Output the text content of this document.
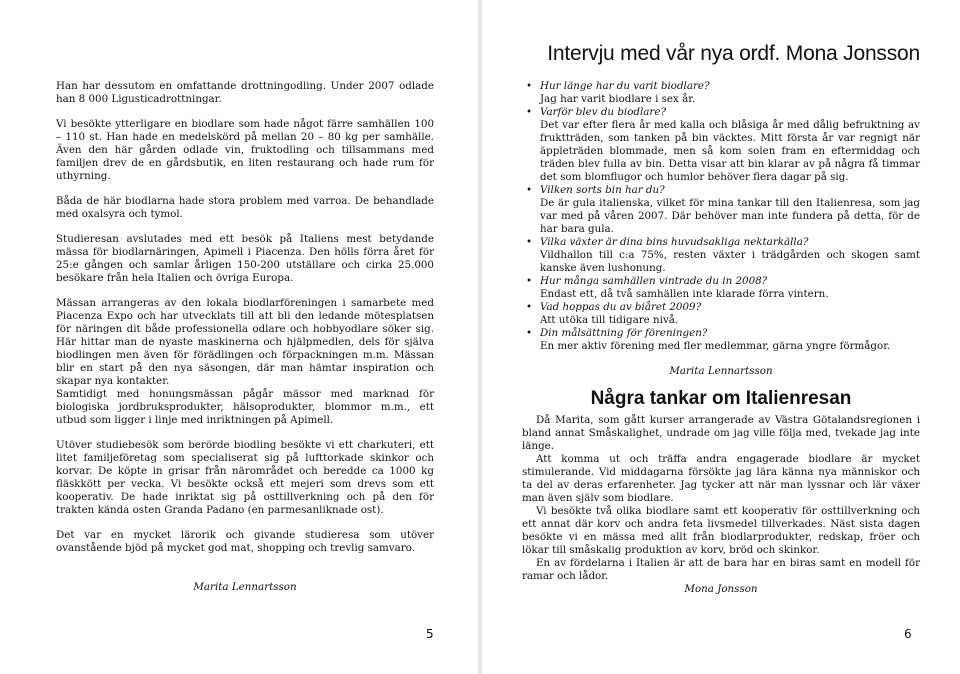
Han har dessutom en omfattande drottningodling. Under 2007 odlade han 8 000 Ligusticadrottningar.

Vi besökte ytterligare en biodlare som hade något färre samhällen 100 – 110 st. Han hade en medelskörd på mellan 20 – 80 kg per samhälle. Även den här gården odlade vin, fruktodling och tillsammans med familjen drev de en gårdsbutik, en liten restaurang och hade rum för uthyrning.

Båda de här biodlarna hade stora problem med varroa. De behandlade med oxalsyra och tymol.

Studieresan avslutades med ett besök på Italiens mest betydande mässa för biodlarnäringen, Apimell i Piacenza. Den hölls förra året för 25:e gången och samlar årligen 150-200 utställare och cirka 25.000 besökare från hela Italien och övriga Europa.

Mässan arrangeras av den lokala biodlarföreningen i samarbete med Piacenza Expo och har utvecklats till att bli den ledande mötesplatsen för näringen dit både professionella odlare och hobbyodlare söker sig. Här hittar man de nyaste maskinerna och hjälpmedlen, dels för själva biodlingen men även för förädlingen och förpackningen m.m. Mässan blir en start på den nya säsongen, där man hämtar inspiration och skapar nya kontakter.

Samtidigt med honungsmässan pågår mässor med marknad för biologiska jordbruksprodukter, hälsoprodukter, blommor m.m., ett utbud som ligger i linje med inriktningen på Apimell.

Utöver studiebesök som berörde biodling besökte vi ett charkuteri, ett litet familjeföretag som specialiserat sig på lufttorkade skinkor och korvar. De köpte in grisar från närområdet och beredde ca 1000 kg fläskkött per vecka. Vi besökte också ett mejeri som drevs som ett kooperativ. De hade inriktat sig på osttillverkning och på den för trakten kända osten Granda Padano (en parmesanliknade ost).

Det var en mycket lärorik och givande studieresa som utöver ovanstående bjöd på mycket god mat, shopping och trevlig samvaro.

Marita Lennartsson

5
Intervju med vår nya ordf. Mona Jonsson
• Hur länge har du varit biodlare?
Jag har varit biodlare i sex år.
• Varför blev du biodlare?
Det var efter flera år med kalla och blåsiga år med dålig befruktning av fruktträden, som tanken på bin väcktes. Mitt första år var regnigt när äppleträden blommade, men så kom solen fram en eftermiddag och träden blev fulla av bin. Detta visar att bin klarar av på några få timmar det som blomflugor och humlor behöver flera dagar på sig.
• Vilken sorts bin har du?
De är gula italienska, vilket för mina tankar till den Italienresa, som jag var med på våren 2007. Där behöver man inte fundera på detta, för de har bara gula.
• Vilka växter är dina bins huvudsakliga nektarkälla?
Vildhallon till c:a 75%, resten växter i trädgården och skogen samt kanske även lushonung.
• Hur många samhällen vintrade du in 2008?
Endast ett, då två samhällen inte klarade förra vintern.
• Vad hoppas du av biåret 2009?
Att utöka till tidigare nivå.
• Din målsättning för föreningen?
En mer aktiv förening med fler medlemmar, gärna yngre förmågor.

Marita Lennartsson

Några tankar om Italienresan

Då Marita, som gått kurser arrangerade av Västra Götalandsregionen i bland annat Småskalighet, undrade om jag ville följa med, tvekade jag inte länge.

Att komma ut och träffa andra engagerade biodlare är mycket stimulerande. Vid middagarna försökte jag lära känna nya människor och ta del av deras erfarenheter. Jag tycker att när man lyssnar och lär växer man även själv som biodlare.

Vi besökte två olika biodlare samt ett kooperativ för osttillverkning och ett annat där korv och andra feta livsmedel tillverkades. Näst sista dagen besökte vi en mässa med allt från biodlarprodukter, redskap, fröer och lökar till småskalig produktion av korv, bröd och skinkor.

En av fördelarna i Italien är att de bara har en biras samt en modell för ramar och lådor.

Mona Jonsson

6
